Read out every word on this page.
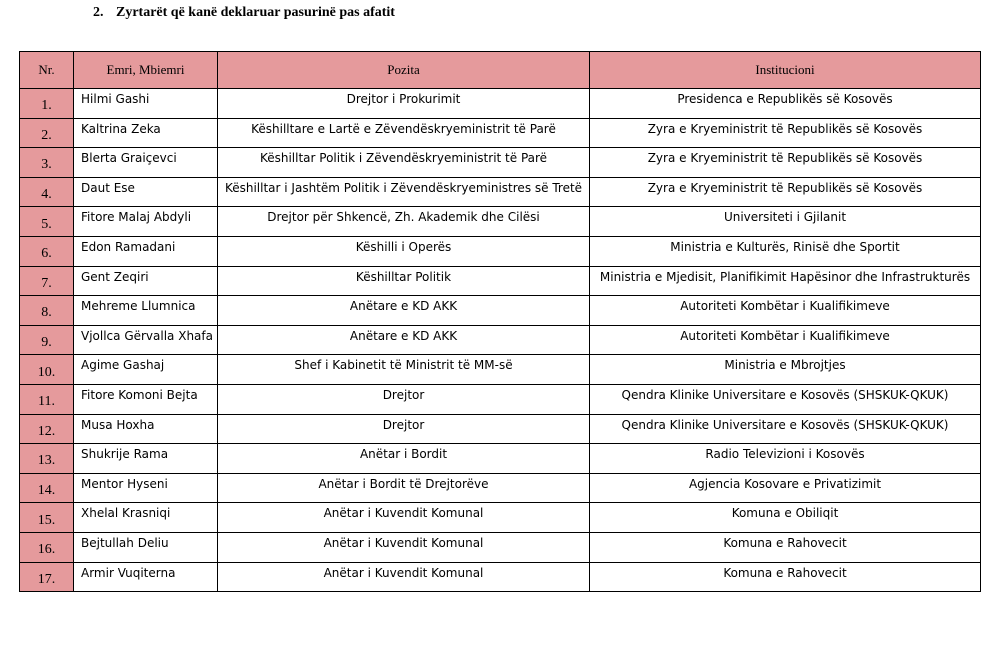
2. Zyrtarët që kanë deklaruar pasurinë pas afatit
Nr.	Emri, Mbiemri	Pozita	Institucioni
1.	Hilmi Gashi	Drejtor i Prokurimit	Presidenca e Republikës së Kosovës
2.	Kaltrina Zeka	Këshilltare e Lartë e Zëvendëskryeministrit të Parë	Zyra e Kryeministrit të Republikës së Kosovës
3.	Blerta Graiçevci	Këshilltar Politik i Zëvendëskryeministrit të Parë	Zyra e Kryeministrit të Republikës së Kosovës
4.	Daut Ese	Këshilltar i Jashtëm Politik i Zëvendëskryeministres së Tretë	Zyra e Kryeministrit të Republikës së Kosovës
5.	Fitore Malaj Abdyli	Drejtor për Shkencë, Zh. Akademik dhe Cilësi	Universiteti i Gjilanit
6.	Edon Ramadani	Këshilli i Operës	Ministria e Kulturës, Rinisë dhe Sportit
7.	Gent Zeqiri	Këshilltar Politik	Ministria e Mjedisit, Planifikimit Hapësinor dhe Infrastrukturës
8.	Mehreme Llumnica	Anëtare e KD AKK	Autoriteti Kombëtar i Kualifikimeve
9.	Vjollca Gërvalla Xhafa	Anëtare e KD AKK	Autoriteti Kombëtar i Kualifikimeve
10.	Agime Gashaj	Shef i Kabinetit të Ministrit të MM-së	Ministria e Mbrojtjes
11.	Fitore Komoni Bejta	Drejtor	Qendra Klinike Universitare e Kosovës (SHSKUK-QKUK)
12.	Musa Hoxha	Drejtor	Qendra Klinike Universitare e Kosovës (SHSKUK-QKUK)
13.	Shukrije Rama	Anëtar i Bordit	Radio Televizioni i Kosovës
14.	Mentor Hyseni	Anëtar i Bordit të Drejtorëve	Agjencia Kosovare e Privatizimit
15.	Xhelal Krasniqi	Anëtar i Kuvendit Komunal	Komuna e Obiliqit
16.	Bejtullah Deliu	Anëtar i Kuvendit Komunal	Komuna e Rahovecit
17.	Armir Vuqiterna	Anëtar i Kuvendit Komunal	Komuna e Rahovecit
